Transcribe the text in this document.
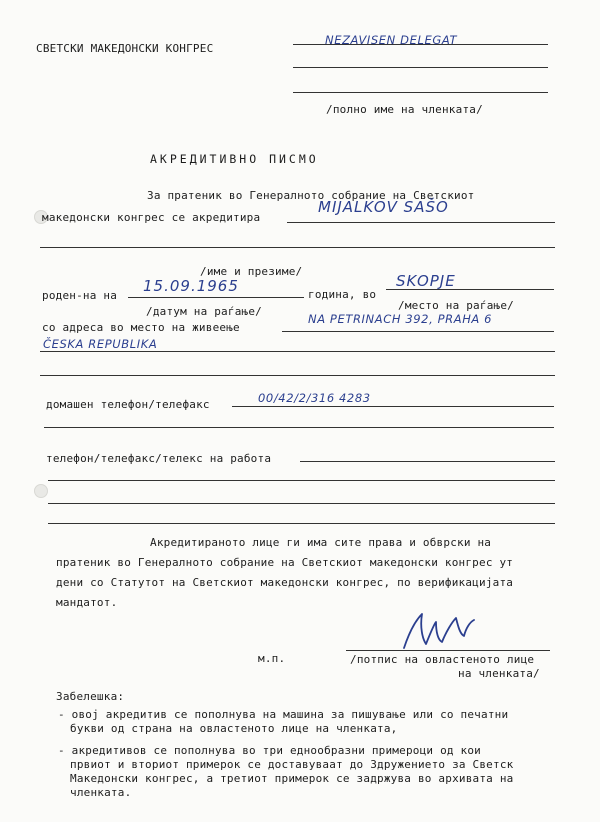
СВЕТСКИ МАКЕДОНСКИ КОНГРЕС
NEZAVISEN DELEGAT
/полно име на членката/
АКРЕДИТИВНО ПИСМО
За пратеник во Генералното собрание на Светскиот
македонски конгрес се акредитира
MIJALKOV SAŠO
/име и презиме/
роден-на на
15.09.1965	година, во
SKOPJE
/датум на раѓање/	/место на раѓање/
со адреса во место на живеење
NA PETRINACH 392, PRAHA 6
ČESKA REPUBLIKA
домашен телефон/телефакс	00/42/2/316 4283
телефон/телефакс/телекс на работа
Акредитираното лице ги има сите права и обврски на
пратеник во Генералното собрание на Светскиот македонски конгрес ут
дени со Статутот на Светскиот македонски конгрес, по верификацијата
мандатот.
м.п.	/потпис на овластеното лице
на членката/
Забелешка:
- овој акредитив се пополнува на машина за пишување или со печатни
букви од страна на овластеното лице на членката,
- акредитивов се пополнува во три еднообразни примероци од кои
првиот и вториот примерок се доставуваат до Здружението за Светск
Македонски конгрес, а третиот примерок се задржува во архивата на
членката.
